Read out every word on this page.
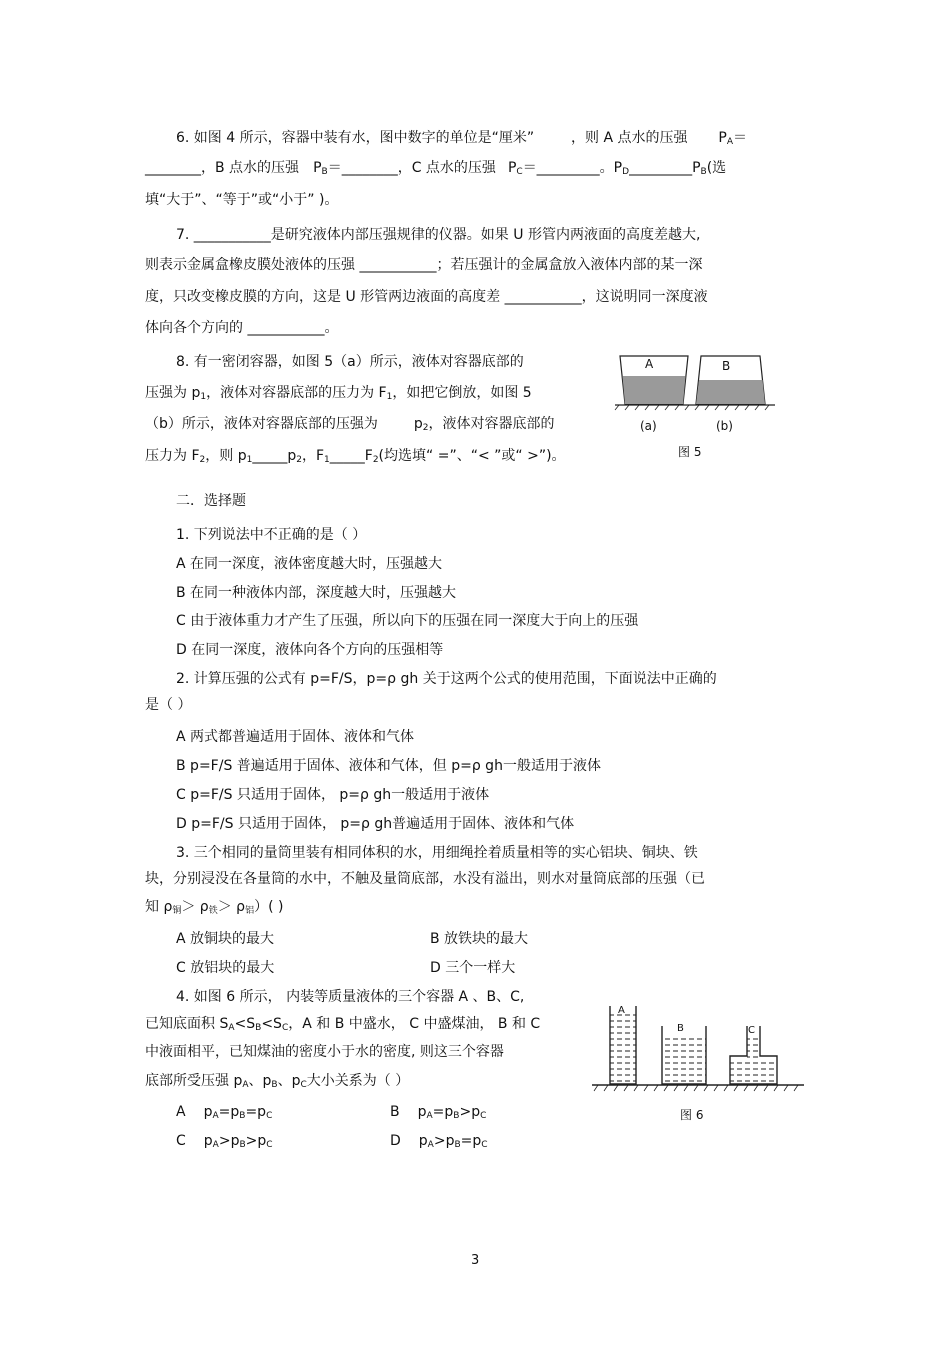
6. 如图 4 所示，容器中装有水，图中数字的单位是“厘米”	，则 A 点水的压强 $P_A=$
________，B 点水的压强 $P_B=\_\_\_\_\_\_\_\_$，C 点水的压强 $P_C=\_\_\_\_\_\_\_\_\_$。$P_D\_\_\_\_\_\_\_\_\_P_B$(选
填“大于”、“等于”或“小于” )。
7. ___________是研究液体内部压强规律的仪器。如果 U 形管内两液面的高度差越大,
则表示金属盒橡皮膜处液体的压强 ___________；若压强计的金属盒放入液体内部的某一深
度，只改变橡皮膜的方向，这是 U 形管两边液面的高度差 ___________，这说明同一深度液
体向各个方向的 ___________。
8. 有一密闭容器，如图 5（a）所示，液体对容器底部的
压强为 $p_1$，液体对容器底部的压力为 $F_1$，如把它倒放，如图 5
（b）所示，液体对容器底部的压强为	$p_2$，液体对容器底部的
压力为 $F_2$，则 $p_1\_\_\_\_\_p_2$，$F_1\_\_\_\_\_F_2$(均选填“ =”、“< ”或“ >”)。
A	B
(a)	(b)
图 5
二．选择题
1. 下列说法中不正确的是（ ）
A 在同一深度，液体密度越大时，压强越大
B 在同一种液体内部，深度越大时，压强越大
C 由于液体重力才产生了压强，所以向下的压强在同一深度大于向上的压强
D 在同一深度，液体向各个方向的压强相等
2. 计算压强的公式有 p=F/S，p=ρ gh 关于这两个公式的使用范围，下面说法中正确的
是（ ）
A 两式都普遍适用于固体、液体和气体
B p=F/S 普遍适用于固体、液体和气体，但 p=ρ gh一般适用于液体
C p=F/S 只适用于固体， p=ρ gh一般适用于液体
D p=F/S 只适用于固体， p=ρ gh普遍适用于固体、液体和气体
3. 三个相同的量筒里装有相同体积的水，用细绳拴着质量相等的实心铝块、铜块、铁
块，分别浸没在各量筒的水中，不触及量筒底部，水没有溢出，则水对量筒底部的压强（已
知 $\rho_铜> \rho_铁> \rho_铝$）( )
A 放铜块的最大	B 放铁块的最大
C 放铝块的最大	D 三个一样大
4. 如图 6 所示， 内装等质量液体的三个容器 A 、B、C,
已知底面积 $S_A<S_B<S_C$，A 和 B 中盛水， C 中盛煤油， B 和 C
中液面相平，已知煤油的密度小于水的密度, 则这三个容器
底部所受压强 $p_A$、$p_B$、$p_C$大小关系为（ ）
A $p_A=p_B=p_C$	B $p_A=p_B>p_C$
C $p_A>p_B>p_C$	D $p_A>p_B=p_C$
A
B	C
图 6
3
